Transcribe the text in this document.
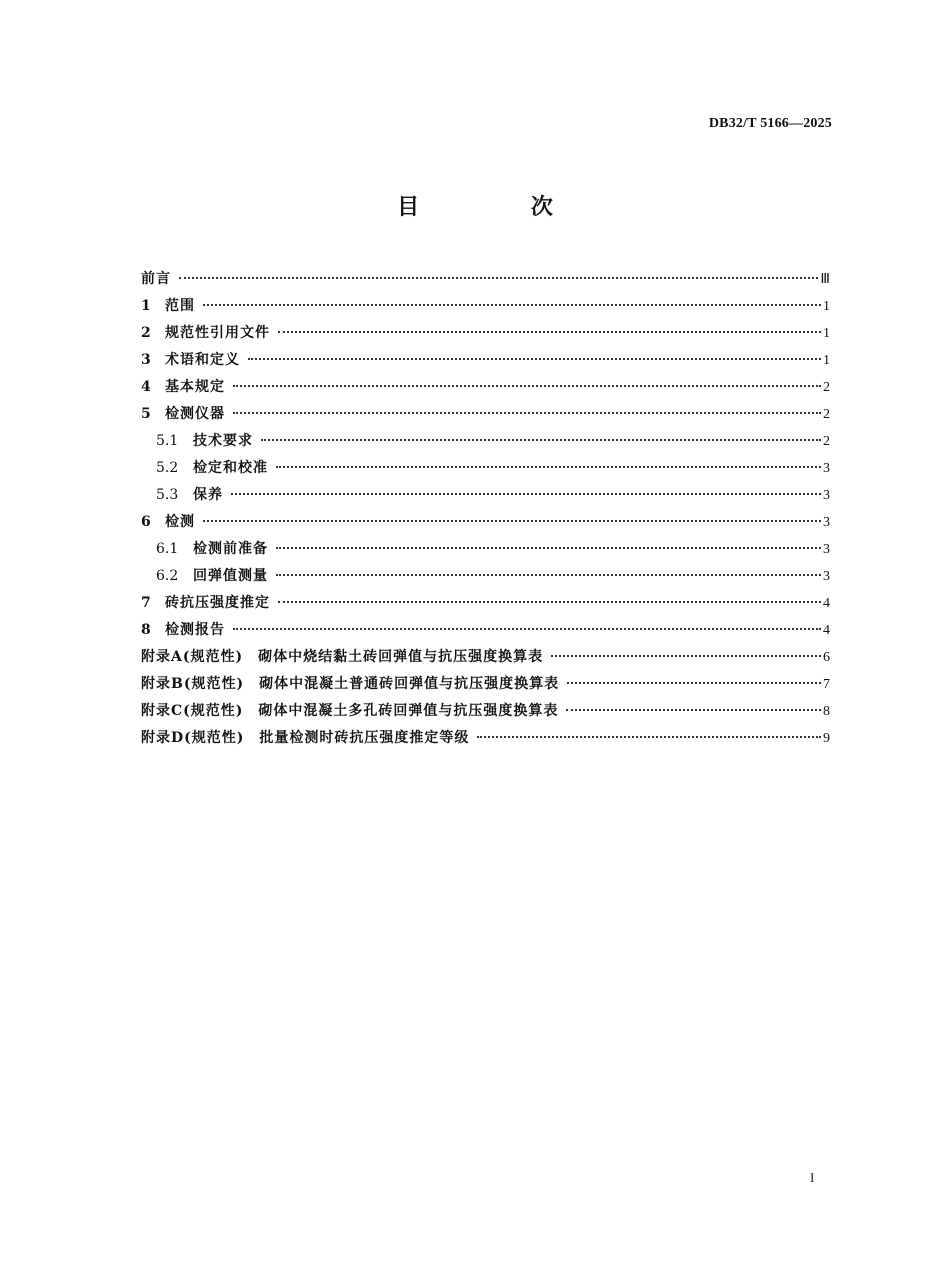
DB32/T 5166—2025
目 次
前言	Ⅲ
1	范围	1
2	规范性引用文件	1
3	术语和定义	1
4	基本规定	2
5	检测仪器	2
5.1	技术要求	2
5.2	检定和校准	3
5.3	保养	3
6	检测	3
6.1	检测前准备	3
6.2	回弹值测量	3
7	砖抗压强度推定	4
8	检测报告	4
附录A(规范性)　砌体中烧结黏土砖回弹值与抗压强度换算表	6
附录B(规范性)　砌体中混凝土普通砖回弹值与抗压强度换算表	7
附录C(规范性)　砌体中混凝土多孔砖回弹值与抗压强度换算表	8
附录D(规范性)　批量检测时砖抗压强度推定等级	9
I
